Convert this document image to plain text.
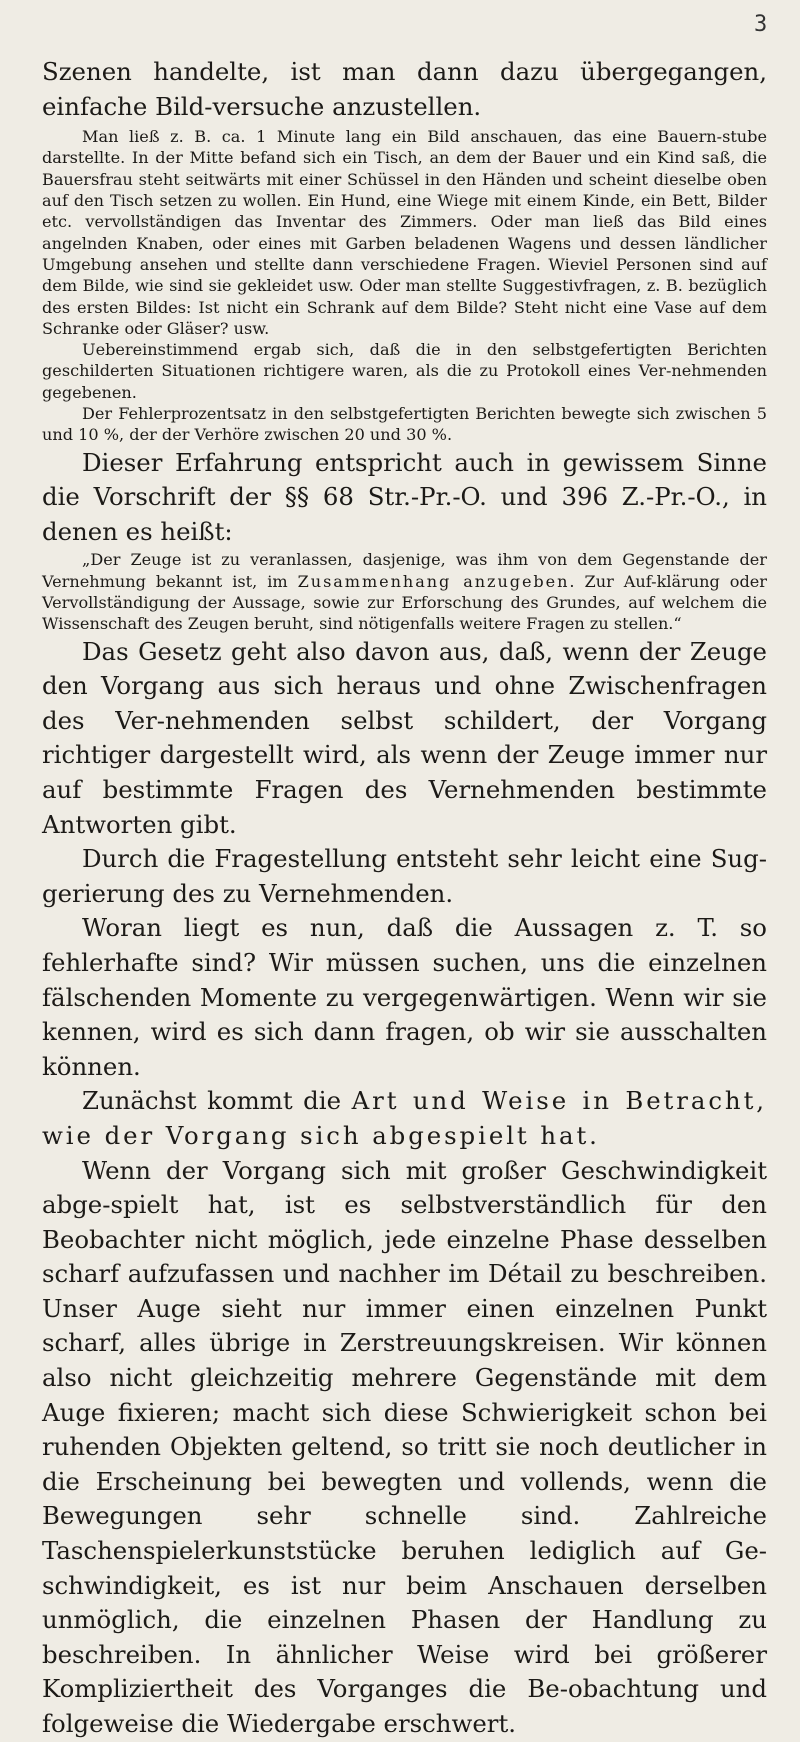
3

Szenen handelte, ist man dann dazu übergegangen, einfache Bild-versuche anzustellen.

Man ließ z. B. ca. 1 Minute lang ein Bild anschauen, das eine Bauern-stube darstellte. In der Mitte befand sich ein Tisch, an dem der Bauer und ein Kind saß, die Bauersfrau steht seitwärts mit einer Schüssel in den Händen und scheint dieselbe oben auf den Tisch setzen zu wollen. Ein Hund, eine Wiege mit einem Kinde, ein Bett, Bilder etc. vervollständigen das Inventar des Zimmers. Oder man ließ das Bild eines angelnden Knaben, oder eines mit Garben beladenen Wagens und dessen ländlicher Umgebung ansehen und stellte dann verschiedene Fragen. Wieviel Personen sind auf dem Bilde, wie sind sie gekleidet usw. Oder man stellte Suggestivfragen, z. B. bezüglich des ersten Bildes: Ist nicht ein Schrank auf dem Bilde? Steht nicht eine Vase auf dem Schranke oder Gläser? usw.

Uebereinstimmend ergab sich, daß die in den selbstgefertigten Berichten geschilderten Situationen richtigere waren, als die zu Protokoll eines Ver-nehmenden gegebenen.

Der Fehlerprozentsatz in den selbstgefertigten Berichten bewegte sich zwischen 5 und 10 %, der der Verhöre zwischen 20 und 30 %.

Dieser Erfahrung entspricht auch in gewissem Sinne die Vorschrift der §§ 68 Str.-Pr.-O. und 396 Z.-Pr.-O., in denen es heißt:

„Der Zeuge ist zu veranlassen, dasjenige, was ihm von dem Gegenstande der Vernehmung bekannt ist, im Zusammenhang anzugeben. Zur Auf-klärung oder Vervollständigung der Aussage, sowie zur Erforschung des Grundes, auf welchem die Wissenschaft des Zeugen beruht, sind nötigenfalls weitere Fragen zu stellen.“

Das Gesetz geht also davon aus, daß, wenn der Zeuge den Vorgang aus sich heraus und ohne Zwischenfragen des Ver-nehmenden selbst schildert, der Vorgang richtiger dargestellt wird, als wenn der Zeuge immer nur auf bestimmte Fragen des Vernehmenden bestimmte Antworten gibt.

Durch die Fragestellung entsteht sehr leicht eine Sug-gerierung des zu Vernehmenden.

Woran liegt es nun, daß die Aussagen z. T. so fehlerhafte sind? Wir müssen suchen, uns die einzelnen fälschenden Momente zu vergegenwärtigen. Wenn wir sie kennen, wird es sich dann fragen, ob wir sie ausschalten können.

Zunächst kommt die Art und Weise in Betracht, wie der Vorgang sich abgespielt hat.

Wenn der Vorgang sich mit großer Geschwindigkeit abge-spielt hat, ist es selbstverständlich für den Beobachter nicht möglich, jede einzelne Phase desselben scharf aufzufassen und nachher im Détail zu beschreiben. Unser Auge sieht nur immer einen einzelnen Punkt scharf, alles übrige in Zerstreuungskreisen. Wir können also nicht gleichzeitig mehrere Gegenstände mit dem Auge fixieren; macht sich diese Schwierigkeit schon bei ruhenden Objekten geltend, so tritt sie noch deutlicher in die Erscheinung bei bewegten und vollends, wenn die Bewegungen sehr schnelle sind. Zahlreiche Taschenspielerkunststücke beruhen lediglich auf Ge-schwindigkeit, es ist nur beim Anschauen derselben unmöglich, die einzelnen Phasen der Handlung zu beschreiben. In ähnlicher Weise wird bei größerer Kompliziertheit des Vorganges die Be-obachtung und folgeweise die Wiedergabe erschwert.
